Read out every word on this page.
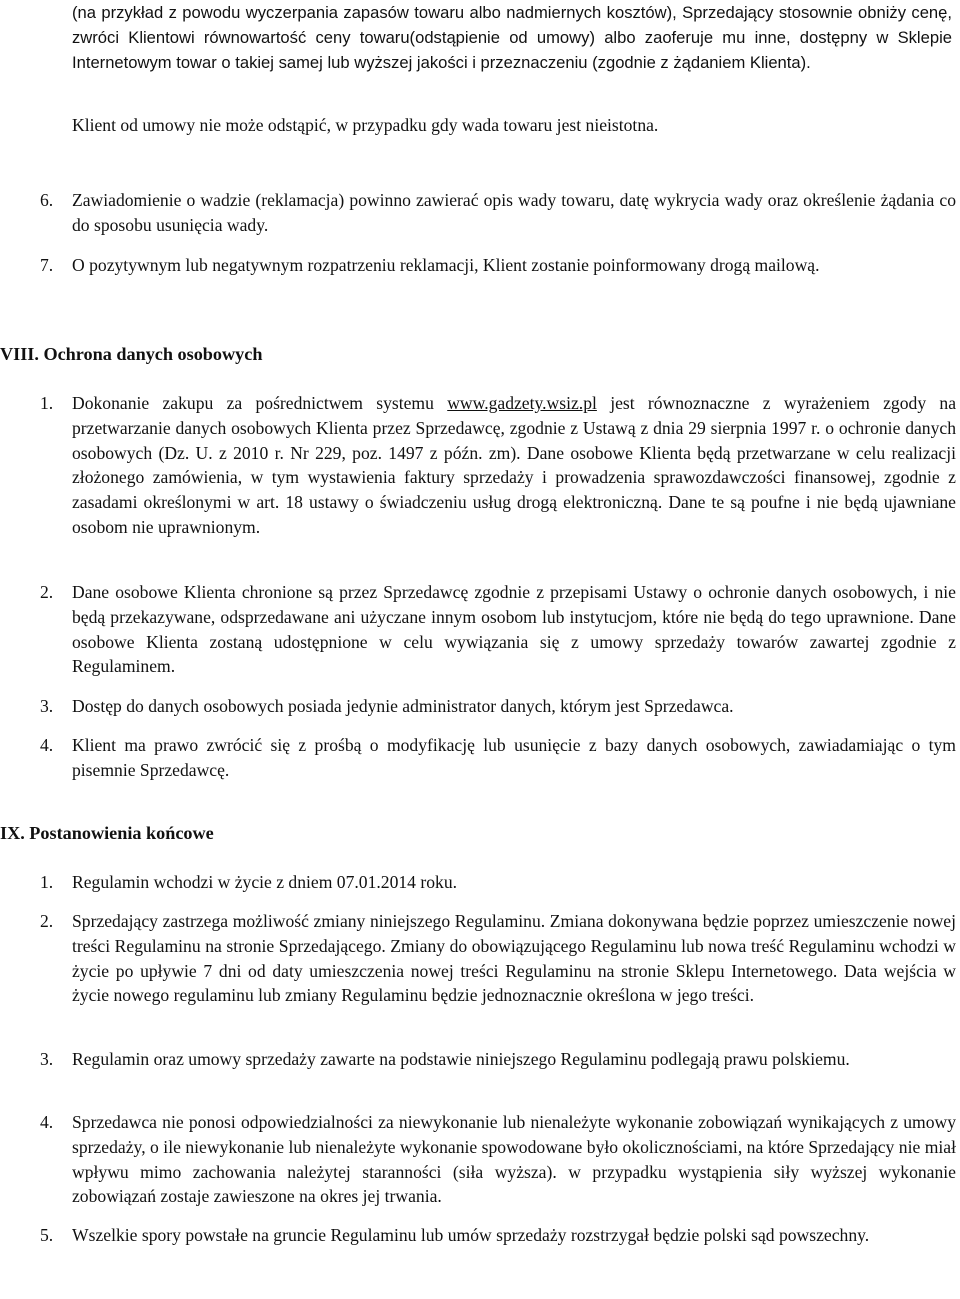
(na przykład z powodu wyczerpania zapasów towaru albo nadmiernych kosztów), Sprzedający stosownie obniży cenę, zwróci Klientowi równowartość ceny towaru(odstąpienie od umowy) albo zaoferuje mu inne, dostępny w Sklepie Internetowym towar o takiej samej lub wyższej jakości i przeznaczeniu (zgodnie z żądaniem Klienta).

Klient od umowy nie może odstąpić, w przypadku gdy wada towaru jest nieistotna.

6. Zawiadomienie o wadzie (reklamacja) powinno zawierać opis wady towaru, datę wykrycia wady oraz określenie żądania co do sposobu usunięcia wady.

7. O pozytywnym lub negatywnym rozpatrzeniu reklamacji, Klient zostanie poinformowany drogą mailową.

VIII. Ochrona danych osobowych
1. Dokonanie zakupu za pośrednictwem systemu www.gadzety.wsiz.pl jest równoznaczne z wyrażeniem zgody na przetwarzanie danych osobowych Klienta przez Sprzedawcę, zgodnie z Ustawą z dnia 29 sierpnia 1997 r. o ochronie danych osobowych (Dz. U. z 2010 r. Nr 229, poz. 1497 z późn. zm). Dane osobowe Klienta będą przetwarzane w celu realizacji złożonego zamówienia, w tym wystawienia faktury sprzedaży i prowadzenia sprawozdawczości finansowej, zgodnie z zasadami określonymi w art. 18 ustawy o świadczeniu usług drogą elektroniczną. Dane te są poufne i nie będą ujawniane osobom nie uprawnionym.

2. Dane osobowe Klienta chronione są przez Sprzedawcę zgodnie z przepisami Ustawy o ochronie danych osobowych, i nie będą przekazywane, odsprzedawane ani użyczane innym osobom lub instytucjom, które nie będą do tego uprawnione. Dane osobowe Klienta zostaną udostępnione w celu wywiązania się z umowy sprzedaży towarów zawartej zgodnie z Regulaminem.

3. Dostęp do danych osobowych posiada jedynie administrator danych, którym jest Sprzedawca.

4. Klient ma prawo zwrócić się z prośbą o modyfikację lub usunięcie z bazy danych osobowych, zawiadamiając o tym pisemnie Sprzedawcę.

IX. Postanowienia końcowe
1. Regulamin wchodzi w życie z dniem 07.01.2014 roku.

2. Sprzedający zastrzega możliwość zmiany niniejszego Regulaminu. Zmiana dokonywana będzie poprzez umieszczenie nowej treści Regulaminu na stronie Sprzedającego. Zmiany do obowiązującego Regulaminu lub nowa treść Regulaminu wchodzi w życie po upływie 7 dni od daty umieszczenia nowej treści Regulaminu na stronie Sklepu Internetowego. Data wejścia w życie nowego regulaminu lub zmiany Regulaminu będzie jednoznacznie określona w jego treści.

3. Regulamin oraz umowy sprzedaży zawarte na podstawie niniejszego Regulaminu podlegają prawu polskiemu.

4. Sprzedawca nie ponosi odpowiedzialności za niewykonanie lub nienależyte wykonanie zobowiązań wynikających z umowy sprzedaży, o ile niewykonanie lub nienależyte wykonanie spowodowane było okolicznościami, na które Sprzedający nie miał wpływu mimo zachowania należytej staranności (siła wyższa). w przypadku wystąpienia siły wyższej wykonanie zobowiązań zostaje zawieszone na okres jej trwania.

5. Wszelkie spory powstałe na gruncie Regulaminu lub umów sprzedaży rozstrzygał będzie polski sąd powszechny.
